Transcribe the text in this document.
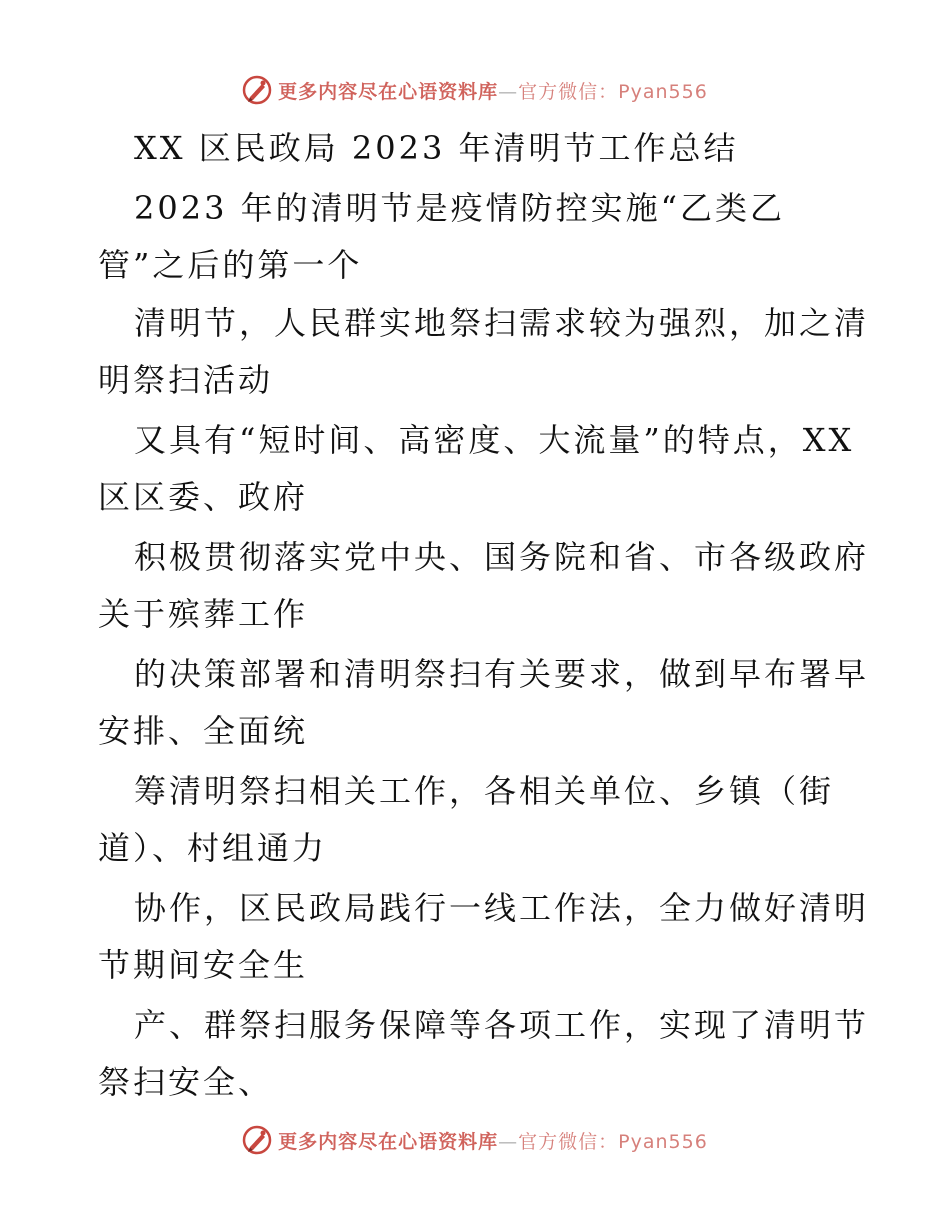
更多内容尽在心语资料库—官方微信：Pyan556
XX 区民政局 2023 年清明节工作总结
2023 年的清明节是疫情防控实施“乙类乙
管”之后的第一个
清明节，人民群实地祭扫需求较为强烈，加之清
明祭扫活动
又具有“短时间、高密度、大流量”的特点，XX
区区委、政府
积极贯彻落实党中央、国务院和省、市各级政府
关于殡葬工作
的决策部署和清明祭扫有关要求，做到早布署早
安排、全面统
筹清明祭扫相关工作，各相关单位、乡镇（街
道）、村组通力
协作，区民政局践行一线工作法，全力做好清明
节期间安全生
产、群祭扫服务保障等各项工作，实现了清明节
祭扫安全、
更多内容尽在心语资料库—官方微信：Pyan556
